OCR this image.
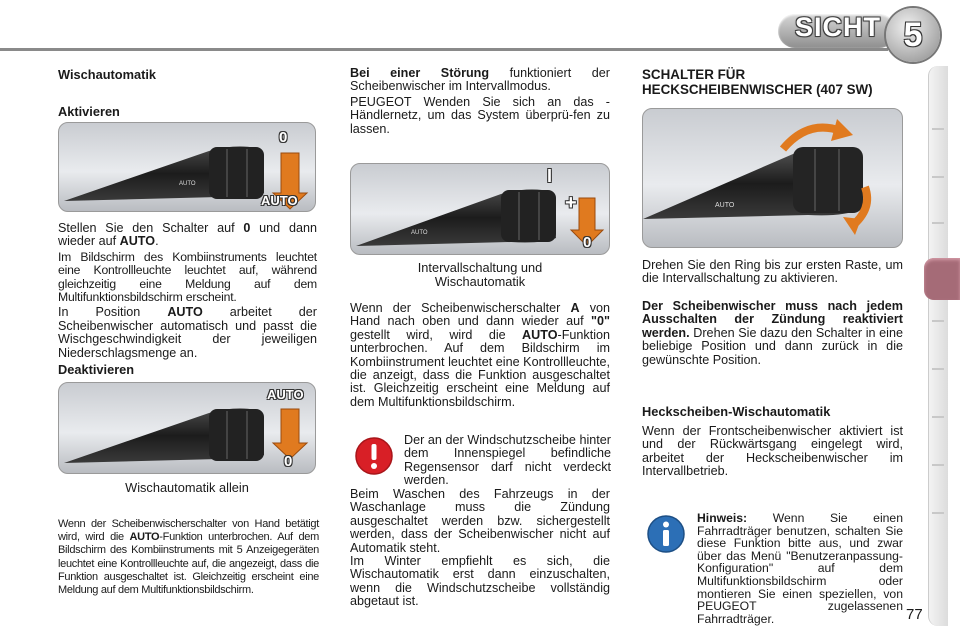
SICHT 5
Wischautomatik
Aktivieren
AUTO
0
AUTO

Stellen Sie den Schalter auf 0 und dann wieder auf AUTO.

Im Bildschirm des Kombiinstruments leuchtet eine Kontrollleuchte leuchtet auf, während gleichzeitig eine Meldung auf dem Multifunktionsbildschirm erscheint.

In Position AUTO arbeitet der Scheibenwischer automatisch und passt die Wischgeschwindigkeit der jeweiligen Niederschlagsmenge an.

Deaktivieren
AUTO
0
Wischautomatik allein
Wenn der Scheibenwischerschalter von Hand betätigt wird, wird die AUTO-Funktion unterbrochen. Auf dem Bildschirm des Kombiinstruments mit 5 Anzeigegeräten leuchtet eine Kontrollleuchte auf, die angezeigt, dass die Funktion ausgeschaltet ist. Gleichzeitig erscheint eine Meldung auf dem Multifunktionsbildschirm.

Bei einer Störung funktioniert der Scheibenwischer im Intervallmodus.

PEUGEOT Wenden Sie sich an das -Händlernetz, um das System überprü-fen zu lassen.

AUTO
I
+
0
Intervallschaltung und Wischautomatik
Wenn der Scheibenwischerschalter A von Hand nach oben und dann wieder auf "0" gestellt wird, wird die AUTO-Funktion unterbrochen. Auf dem Bildschirm im Kombiinstrument leuchtet eine Kontrollleuchte, die anzeigt, dass die Funktion ausgeschaltet ist. Gleichzeitig erscheint eine Meldung auf dem Multifunktionsbildschirm.
Der an der Windschutzscheibe hinter dem Innenspiegel befindliche Regensensor darf nicht verdeckt werden.
Beim Waschen des Fahrzeugs in der Waschanlage muss die Zündung ausgeschaltet werden bzw. sichergestellt werden, dass der Scheibenwischer nicht auf Automatik steht.
Im Winter empfiehlt es sich, die Wischautomatik erst dann einzuschalten, wenn die Windschutzscheibe vollständig abgetaut ist.
SCHALTER FÜR
HECKSCHEIBENWISCHER (407 SW)
AUTO
Drehen Sie den Ring bis zur ersten Raste, um die Intervallschaltung zu aktivieren.
Der Scheibenwischer muss nach jedem Ausschalten der Zündung reaktiviert werden. Drehen Sie dazu den Schalter in eine beliebige Position und dann zurück in die gewünschte Position.
Heckscheiben-Wischautomatik
Wenn der Frontscheibenwischer aktiviert ist und der Rückwärtsgang eingelegt wird, arbeitet der Heckscheibenwischer im Intervallbetrieb.
Hinweis: Wenn Sie einen Fahrradträger benutzen, schalten Sie diese Funktion bitte aus, und zwar über das Menü "Benutzeranpassung- Konfiguration" auf dem Multifunktionsbildschirm oder montieren Sie einen speziellen, von PEUGEOT zugelassenen Fahrradträger.	77
